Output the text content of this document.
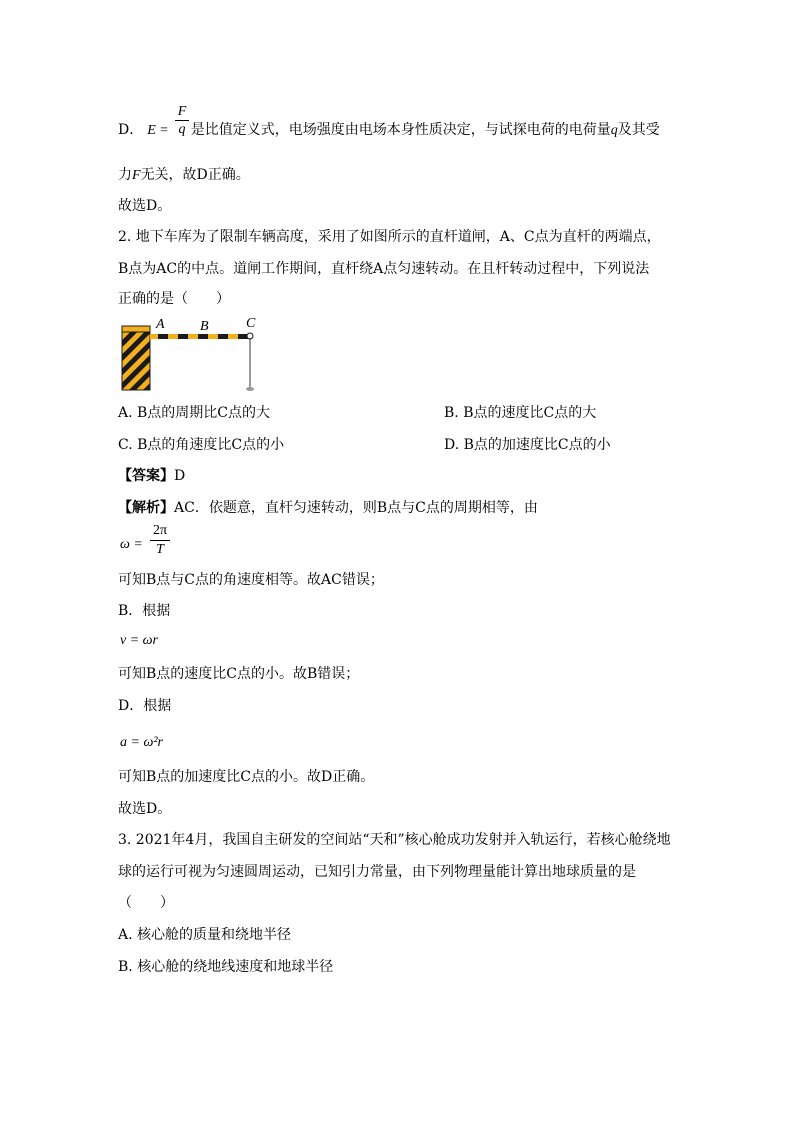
D． E = 是比值定义式，电场强度由电场本身性质决定，与试探电荷的电荷量q及其受
$\frac{F}{q}$
力F无关，故D正确。
故选D。
2. 地下车库为了限制车辆高度，采用了如图所示的直杆道闸，A、C点为直杆的两端点，
B点为AC的中点。道闸工作期间，直杆绕A点匀速转动。在且杆转动过程中，下列说法
正确的是（　　）
A	B	C
A. B点的周期比C点的大	B. B点的速度比C点的大
C. B点的角速度比C点的小	D. B点的加速度比C点的小
【答案】D
【解析】AC．依题意，直杆匀速转动，则B点与C点的周期相等，由
$\omega = \frac{2\pi}{T}$
可知B点与C点的角速度相等。故AC错误；
B．根据
v = ωr
可知B点的速度比C点的小。故B错误；
D．根据
a = ω²r
可知B点的加速度比C点的小。故D正确。
故选D。
3. 2021年4月，我国自主研发的空间站“天和”核心舱成功发射并入轨运行，若核心舱绕地
球的运行可视为匀速圆周运动，已知引力常量，由下列物理量能计算出地球质量的是
（　　）
A. 核心舱的质量和绕地半径
B. 核心舱的绕地线速度和地球半径
